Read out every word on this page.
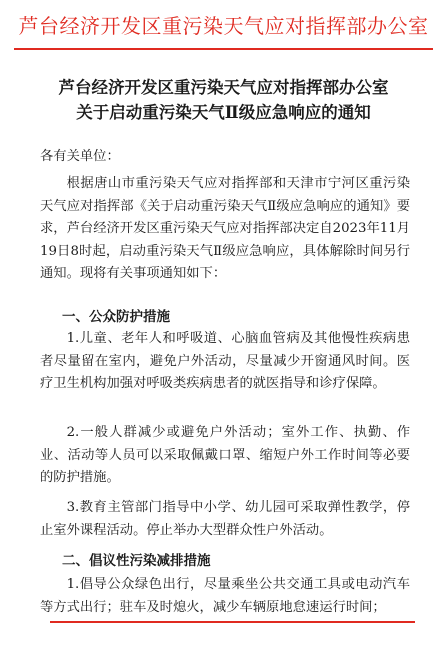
芦台经济开发区重污染天气应对指挥部办公室
芦台经济开发区重污染天气应对指挥部办公室
关于启动重污染天气Ⅱ级应急响应的通知
各有关单位：
根据唐山市重污染天气应对指挥部和天津市宁河区重污染天气应对指挥部《关于启动重污染天气Ⅱ级应急响应的通知》要求，芦台经济开发区重污染天气应对指挥部决定自2023年11月19日8时起，启动重污染天气Ⅱ级应急响应，具体解除时间另行通知。现将有关事项通知如下：
一、公众防护措施
1.儿童、老年人和呼吸道、心脑血管病及其他慢性疾病患者尽量留在室内，避免户外活动，尽量减少开窗通风时间。医疗卫生机构加强对呼吸类疾病患者的就医指导和诊疗保障。
2.一般人群减少或避免户外活动；室外工作、执勤、作业、活动等人员可以采取佩戴口罩、缩短户外工作时间等必要的防护措施。
3.教育主管部门指导中小学、幼儿园可采取弹性教学，停止室外课程活动。停止举办大型群众性户外活动。
二、倡议性污染减排措施
1.倡导公众绿色出行，尽量乘坐公共交通工具或电动汽车等方式出行；驻车及时熄火，减少车辆原地怠速运行时间；
